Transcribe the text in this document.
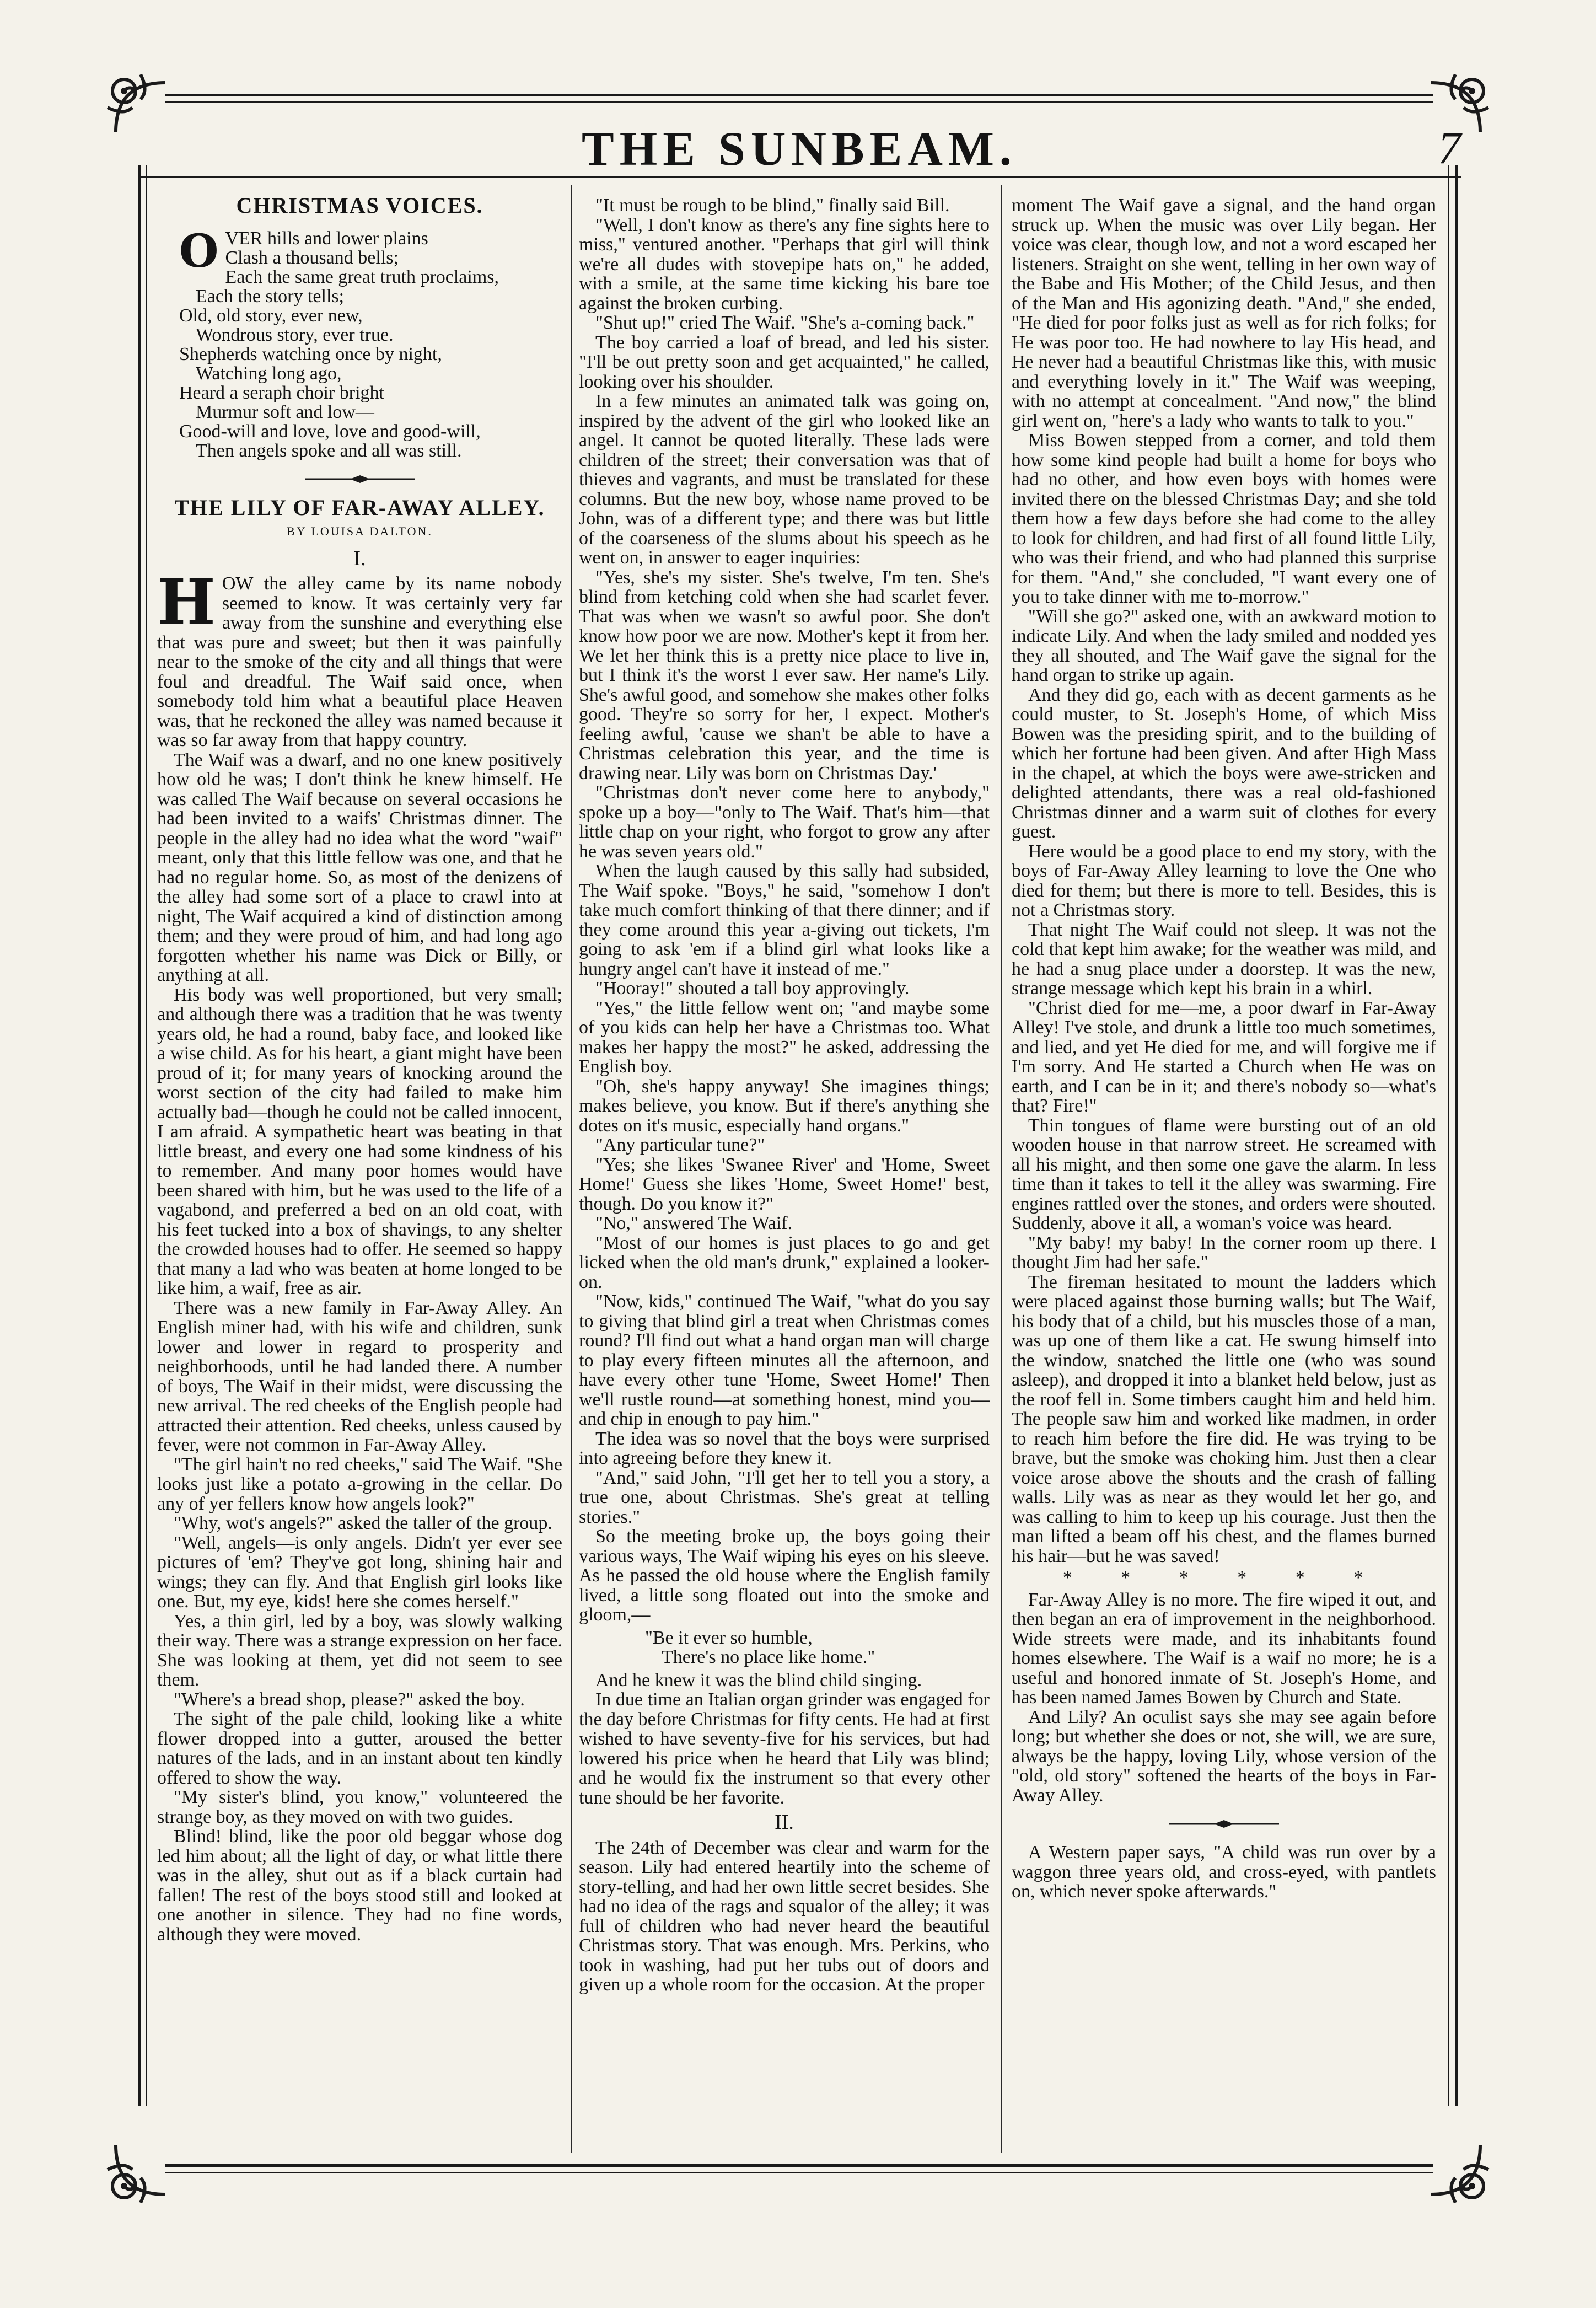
THE SUNBEAM.	7
CHRISTMAS VOICES.
O VER hills and lower plains
Clash a thousand bells;
Each the same great truth proclaims,
Each the story tells;
Old, old story, ever new,
Wondrous story, ever true.
Shepherds watching once by night,
Watching long ago,
Heard a seraph choir bright
Murmur soft and low—
Good-will and love, love and good-will,
Then angels spoke and all was still.
THE LILY OF FAR-AWAY ALLEY.
BY LOUISA DALTON.
I.

HOW the alley came by its name nobody seemed to know. It was certainly very far away from the sunshine and everything else that was pure and sweet; but then it was painfully near to the smoke of the city and all things that were foul and dreadful. The Waif said once, when somebody told him what a beautiful place Heaven was, that he reckoned the alley was named because it was so far away from that happy country.

The Waif was a dwarf, and no one knew positively how old he was; I don't think he knew himself. He was called The Waif because on several occasions he had been invited to a waifs' Christmas dinner. The people in the alley had no idea what the word "waif" meant, only that this little fellow was one, and that he had no regular home. So, as most of the denizens of the alley had some sort of a place to crawl into at night, The Waif acquired a kind of distinction among them; and they were proud of him, and had long ago forgotten whether his name was Dick or Billy, or anything at all.

His body was well proportioned, but very small; and although there was a tradition that he was twenty years old, he had a round, baby face, and looked like a wise child. As for his heart, a giant might have been proud of it; for many years of knocking around the worst section of the city had failed to make him actually bad—though he could not be called innocent, I am afraid. A sympathetic heart was beating in that little breast, and every one had some kindness of his to remember. And many poor homes would have been shared with him, but he was used to the life of a vagabond, and preferred a bed on an old coat, with his feet tucked into a box of shavings, to any shelter the crowded houses had to offer. He seemed so happy that many a lad who was beaten at home longed to be like him, a waif, free as air.

There was a new family in Far-Away Alley. An English miner had, with his wife and children, sunk lower and lower in regard to prosperity and neighborhoods, until he had landed there. A number of boys, The Waif in their midst, were discussing the new arrival. The red cheeks of the English people had attracted their attention. Red cheeks, unless caused by fever, were not common in Far-Away Alley.

"The girl hain't no red cheeks," said The Waif. "She looks just like a potato a-growing in the cellar. Do any of yer fellers know how angels look?"

"Why, wot's angels?" asked the taller of the group.

"Well, angels—is only angels. Didn't yer ever see pictures of 'em? They've got long, shining hair and wings; they can fly. And that English girl looks like one. But, my eye, kids! here she comes herself."

Yes, a thin girl, led by a boy, was slowly walking their way. There was a strange expression on her face. She was looking at them, yet did not seem to see them.

"Where's a bread shop, please?" asked the boy.

The sight of the pale child, looking like a white flower dropped into a gutter, aroused the better natures of the lads, and in an instant about ten kindly offered to show the way.

"My sister's blind, you know," volunteered the strange boy, as they moved on with two guides.

Blind! blind, like the poor old beggar whose dog led him about; all the light of day, or what little there was in the alley, shut out as if a black curtain had fallen! The rest of the boys stood still and looked at one another in silence. They had no fine words, although they were moved.

"It must be rough to be blind," finally said Bill.

"Well, I don't know as there's any fine sights here to miss," ventured another. "Perhaps that girl will think we're all dudes with stovepipe hats on," he added, with a smile, at the same time kicking his bare toe against the broken curbing.

"Shut up!" cried The Waif. "She's a-coming back."

The boy carried a loaf of bread, and led his sister. "I'll be out pretty soon and get acquainted," he called, looking over his shoulder.

In a few minutes an animated talk was going on, inspired by the advent of the girl who looked like an angel. It cannot be quoted literally. These lads were children of the street; their conversation was that of thieves and vagrants, and must be translated for these columns. But the new boy, whose name proved to be John, was of a different type; and there was but little of the coarseness of the slums about his speech as he went on, in answer to eager inquiries:

"Yes, she's my sister. She's twelve, I'm ten. She's blind from ketching cold when she had scarlet fever. That was when we wasn't so awful poor. She don't know how poor we are now. Mother's kept it from her. We let her think this is a pretty nice place to live in, but I think it's the worst I ever saw. Her name's Lily. She's awful good, and somehow she makes other folks good. They're so sorry for her, I expect. Mother's feeling awful, 'cause we shan't be able to have a Christmas celebration this year, and the time is drawing near. Lily was born on Christmas Day.'

"Christmas don't never come here to anybody," spoke up a boy—"only to The Waif. That's him—that little chap on your right, who forgot to grow any after he was seven years old."

When the laugh caused by this sally had subsided, The Waif spoke. "Boys," he said, "somehow I don't take much comfort thinking of that there dinner; and if they come around this year a-giving out tickets, I'm going to ask 'em if a blind girl what looks like a hungry angel can't have it instead of me."

"Hooray!" shouted a tall boy approvingly.

"Yes," the little fellow went on; "and maybe some of you kids can help her have a Christmas too. What makes her happy the most?" he asked, addressing the English boy.

"Oh, she's happy anyway! She imagines things; makes believe, you know. But if there's anything she dotes on it's music, especially hand organs."

"Any particular tune?"

"Yes; she likes 'Swanee River' and 'Home, Sweet Home!' Guess she likes 'Home, Sweet Home!' best, though. Do you know it?"

"No," answered The Waif.

"Most of our homes is just places to go and get licked when the old man's drunk," explained a looker-on.

"Now, kids," continued The Waif, "what do you say to giving that blind girl a treat when Christmas comes round? I'll find out what a hand organ man will charge to play every fifteen minutes all the afternoon, and have every other tune 'Home, Sweet Home!' Then we'll rustle round—at something honest, mind you—and chip in enough to pay him."

The idea was so novel that the boys were surprised into agreeing before they knew it.

"And," said John, "I'll get her to tell you a story, a true one, about Christmas. She's great at telling stories."

So the meeting broke up, the boys going their various ways, The Waif wiping his eyes on his sleeve. As he passed the old house where the English family lived, a little song floated out into the smoke and gloom,—

"Be it ever so humble,
There's no place like home."

And he knew it was the blind child singing.

In due time an Italian organ grinder was engaged for the day before Christmas for fifty cents. He had at first wished to have seventy-five for his services, but had lowered his price when he heard that Lily was blind; and he would fix the instrument so that every other tune should be her favorite.

II.

The 24th of December was clear and warm for the season. Lily had entered heartily into the scheme of story-telling, and had her own little secret besides. She had no idea of the rags and squalor of the alley; it was full of children who had never heard the beautiful Christmas story. That was enough. Mrs. Perkins, who took in washing, had put her tubs out of doors and given up a whole room for the occasion. At the proper

moment The Waif gave a signal, and the hand organ struck up. When the music was over Lily began. Her voice was clear, though low, and not a word escaped her listeners. Straight on she went, telling in her own way of the Babe and His Mother; of the Child Jesus, and then of the Man and His agonizing death. "And," she ended, "He died for poor folks just as well as for rich folks; for He was poor too. He had nowhere to lay His head, and He never had a beautiful Christmas like this, with music and everything lovely in it." The Waif was weeping, with no attempt at concealment. "And now," the blind girl went on, "here's a lady who wants to talk to you."

Miss Bowen stepped from a corner, and told them how some kind people had built a home for boys who had no other, and how even boys with homes were invited there on the blessed Christmas Day; and she told them how a few days before she had come to the alley to look for children, and had first of all found little Lily, who was their friend, and who had planned this surprise for them. "And," she concluded, "I want every one of you to take dinner with me to-morrow."

"Will she go?" asked one, with an awkward motion to indicate Lily. And when the lady smiled and nodded yes they all shouted, and The Waif gave the signal for the hand organ to strike up again.

And they did go, each with as decent garments as he could muster, to St. Joseph's Home, of which Miss Bowen was the presiding spirit, and to the building of which her fortune had been given. And after High Mass in the chapel, at which the boys were awe-stricken and delighted attendants, there was a real old-fashioned Christmas dinner and a warm suit of clothes for every guest.

Here would be a good place to end my story, with the boys of Far-Away Alley learning to love the One who died for them; but there is more to tell. Besides, this is not a Christmas story.

That night The Waif could not sleep. It was not the cold that kept him awake; for the weather was mild, and he had a snug place under a doorstep. It was the new, strange message which kept his brain in a whirl.

"Christ died for me—me, a poor dwarf in Far-Away Alley! I've stole, and drunk a little too much sometimes, and lied, and yet He died for me, and will forgive me if I'm sorry. And He started a Church when He was on earth, and I can be in it; and there's nobody so—what's that? Fire!"

Thin tongues of flame were bursting out of an old wooden house in that narrow street. He screamed with all his might, and then some one gave the alarm. In less time than it takes to tell it the alley was swarming. Fire engines rattled over the stones, and orders were shouted. Suddenly, above it all, a woman's voice was heard.

"My baby! my baby! In the corner room up there. I thought Jim had her safe."

The fireman hesitated to mount the ladders which were placed against those burning walls; but The Waif, his body that of a child, but his muscles those of a man, was up one of them like a cat. He swung himself into the window, snatched the little one (who was sound asleep), and dropped it into a blanket held below, just as the roof fell in. Some timbers caught him and held him. The people saw him and worked like madmen, in order to reach him before the fire did. He was trying to be brave, but the smoke was choking him. Just then a clear voice arose above the shouts and the crash of falling walls. Lily was as near as they would let her go, and was calling to him to keep up his courage. Just then the man lifted a beam off his chest, and the flames burned his hair—but he was saved!

* * * * * *

Far-Away Alley is no more. The fire wiped it out, and then began an era of improvement in the neighborhood. Wide streets were made, and its inhabitants found homes elsewhere. The Waif is a waif no more; he is a useful and honored inmate of St. Joseph's Home, and has been named James Bowen by Church and State.

And Lily? An oculist says she may see again before long; but whether she does or not, she will, we are sure, always be the happy, loving Lily, whose version of the "old, old story" softened the hearts of the boys in Far-Away Alley.

A Western paper says, "A child was run over by a waggon three years old, and cross-eyed, with pantlets on, which never spoke afterwards."
